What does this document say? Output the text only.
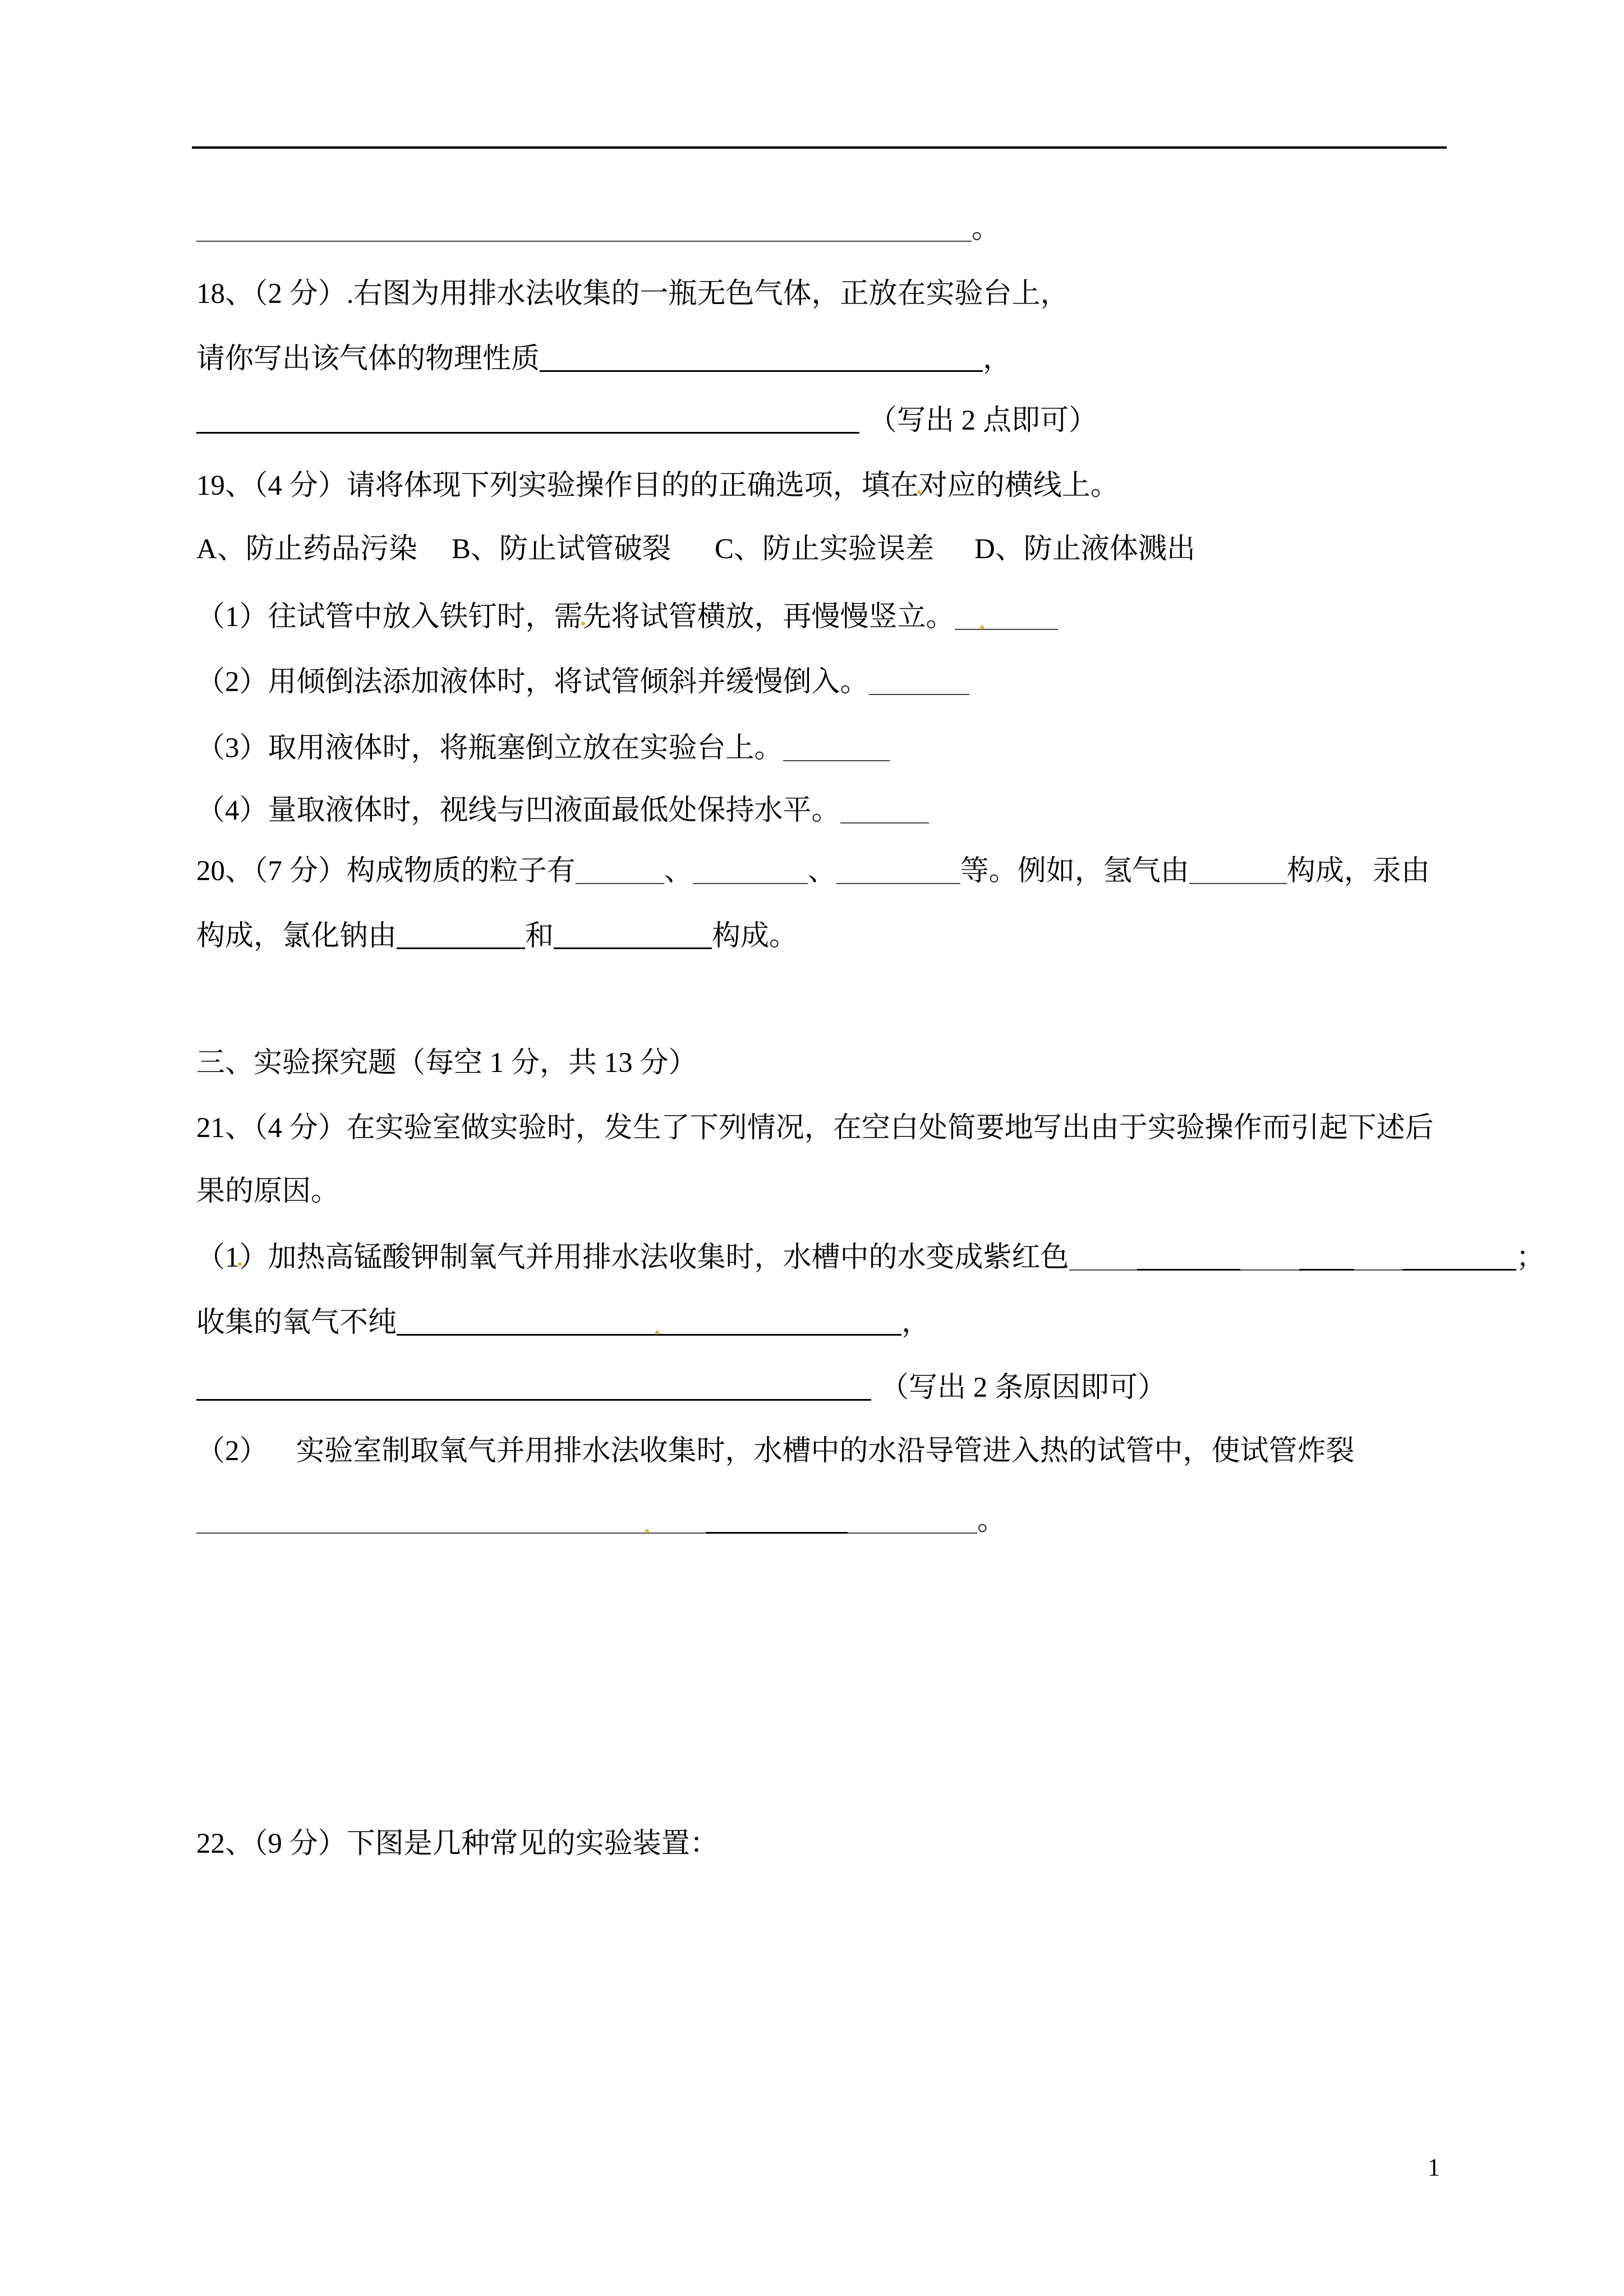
。
18、（2 分）.右图为用排水法收集的一瓶无色气体，正放在实验台上，
请你写出该气体的物理性质	，
（写出 2 点即可）
19、（4 分）请将体现下列实验操作目的的正确选项，填在对应的横线上。
A、防止药品污染 B、防止试管破裂 C、防止实验误差 D、防止液体溅出
（1）往试管中放入铁钉时，需先将试管横放，再慢慢竖立。
（2）用倾倒法添加液体时，将试管倾斜并缓慢倒入。
（3）取用液体时，将瓶塞倒立放在实验台上。
（4）量取液体时，视线与凹液面最低处保持水平。
20、（7 分）构成物质的粒子有	、	、	等。例如，氢气由	构成，汞由
构成，氯化钠由	和	构成。
三、实验探究题（每空 1 分，共 13 分）
21、（4 分）在实验室做实验时，发生了下列情况，在空白处简要地写出由于实验操作而引起下述后
果的原因。
（1）加热高锰酸钾制氧气并用排水法收集时，水槽中的水变成紫红色	；
收集的氧气不纯	，
（写出 2 条原因即可）
（2） 实验室制取氧气并用排水法收集时，水槽中的水沿导管进入热的试管中，使试管炸裂
。
22、（9 分）下图是几种常见的实验装置：
1
